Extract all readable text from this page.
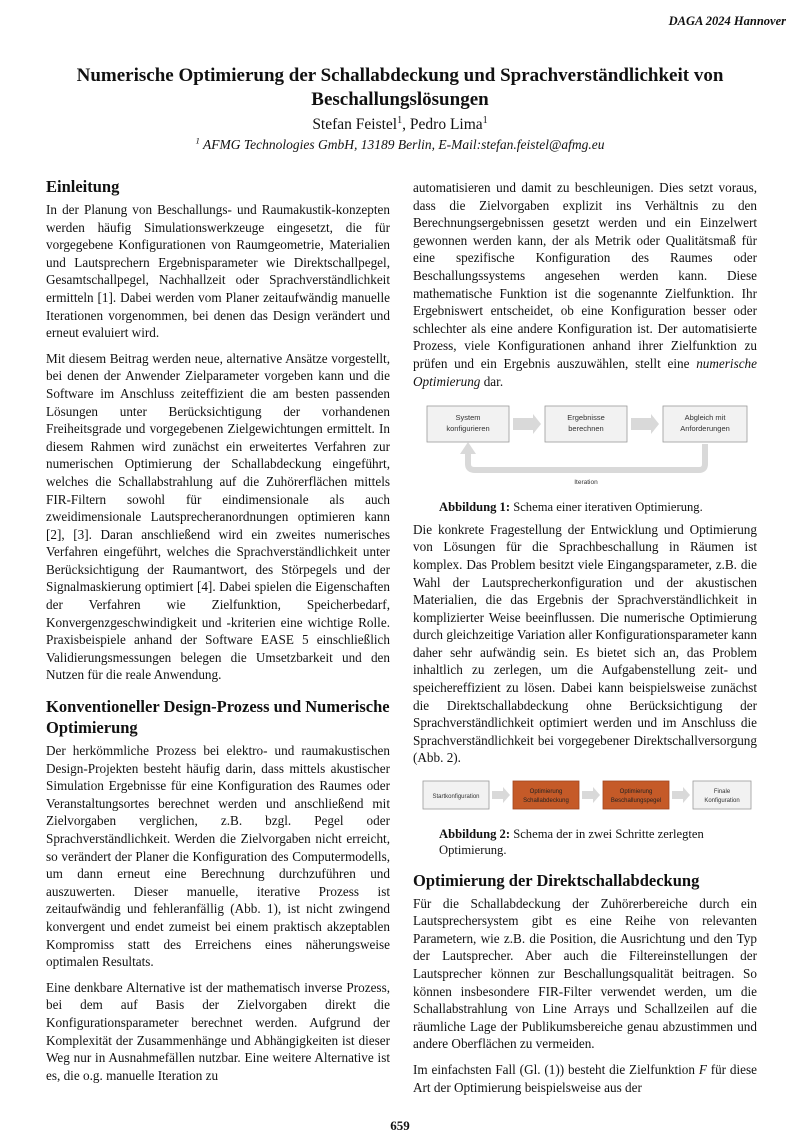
DAGA 2024 Hannover
Numerische Optimierung der Schallabdeckung und Sprachverständlichkeit von Beschallungslösungen
Stefan Feistel$^1$, Pedro Lima$^1$
$^1$ AFMG Technologies GmbH, 13189 Berlin, E-Mail:stefan.feistel@afmg.eu
Einleitung

In der Planung von Beschallungs- und Raumakustik-konzepten werden häufig Simulationswerkzeuge eingesetzt, die für vorgegebene Konfigurationen von Raumgeometrie, Materialien und Lautsprechern Ergebnisparameter wie Direktschallpegel, Gesamtschallpegel, Nachhallzeit oder Sprachverständlichkeit ermitteln [1]. Dabei werden vom Planer zeitaufwändig manuelle Iterationen vorgenommen, bei denen das Design verändert und erneut evaluiert wird.

Mit diesem Beitrag werden neue, alternative Ansätze vorgestellt, bei denen der Anwender Zielparameter vorgeben kann und die Software im Anschluss zeiteffizient die am besten passenden Lösungen unter Berücksichtigung der vorhandenen Freiheitsgrade und vorgegebenen Zielgewichtungen ermittelt. In diesem Rahmen wird zunächst ein erweitertes Verfahren zur numerischen Optimierung der Schallabdeckung eingeführt, welches die Schallabstrahlung auf die Zuhörerflächen mittels FIR-Filtern sowohl für eindimensionale als auch zweidimensionale Lautsprecheranordnungen optimieren kann [2], [3]. Daran anschließend wird ein zweites numerisches Verfahren eingeführt, welches die Sprachverständlichkeit unter Berücksichtigung der Raumantwort, des Störpegels und der Signalmaskierung optimiert [4]. Dabei spielen die Eigenschaften der Verfahren wie Zielfunktion, Speicherbedarf, Konvergenzgeschwindigkeit und -kriterien eine wichtige Rolle. Praxisbeispiele anhand der Software EASE 5 einschließlich Validierungsmessungen belegen die Umsetzbarkeit und den Nutzen für die reale Anwendung.

Konventioneller Design-Prozess und Numerische Optimierung

Der herkömmliche Prozess bei elektro- und raumakustischen Design-Projekten besteht häufig darin, dass mittels akustischer Simulation Ergebnisse für eine Konfiguration des Raumes oder Veranstaltungsortes berechnet werden und anschließend mit Zielvorgaben verglichen, z.B. bzgl. Pegel oder Sprachverständlichkeit. Werden die Zielvorgaben nicht erreicht, so verändert der Planer die Konfiguration des Computermodells, um dann erneut eine Berechnung durchzuführen und auszuwerten. Dieser manuelle, iterative Prozess ist zeitaufwändig und fehleranfällig (Abb. 1), ist nicht zwingend konvergent und endet zumeist bei einem praktisch akzeptablen Kompromiss statt des Erreichens eines näherungsweise optimalen Resultats.

Eine denkbare Alternative ist der mathematisch inverse Prozess, bei dem auf Basis der Zielvorgaben direkt die Konfigurationsparameter berechnet werden. Aufgrund der Komplexität der Zusammenhänge und Abhängigkeiten ist dieser Weg nur in Ausnahmefällen nutzbar. Eine weitere Alternative ist es, die o.g. manuelle Iteration zu

automatisieren und damit zu beschleunigen. Dies setzt voraus, dass die Zielvorgaben explizit ins Verhältnis zu den Berechnungsergebnissen gesetzt werden und ein Einzelwert gewonnen werden kann, der als Metrik oder Qualitätsmaß für eine spezifische Konfiguration des Raumes oder Beschallungssystems angesehen werden kann. Diese mathematische Funktion ist die sogenannte Zielfunktion. Ihr Ergebniswert entscheidet, ob eine Konfiguration besser oder schlechter als eine andere Konfiguration ist. Der automatisierte Prozess, viele Konfigurationen anhand ihrer Zielfunktion zu prüfen und ein Ergebnis auszuwählen, stellt eine numerische Optimierung dar.

System
konfigurieren
Ergebnisse
berechnen
Abgleich mit
Anforderungen
Iteration
Abbildung 1: Schema einer iterativen Optimierung.

Die konkrete Fragestellung der Entwicklung und Optimierung von Lösungen für die Sprachbeschallung in Räumen ist komplex. Das Problem besitzt viele Eingangsparameter, z.B. die Wahl der Lautsprecherkonfiguration und der akustischen Materialien, die das Ergebnis der Sprachverständlichkeit in komplizierter Weise beeinflussen. Die numerische Optimierung durch gleichzeitige Variation aller Konfigurationsparameter kann daher sehr aufwändig sein. Es bietet sich an, das Problem inhaltlich zu zerlegen, um die Aufgabenstellung zeit- und speichereffizient zu lösen. Dabei kann beispielsweise zunächst die Direktschallabdeckung ohne Berücksichtigung der Sprachverständlichkeit optimiert werden und im Anschluss die Sprachverständlichkeit bei vorgegebener Direktschallversorgung (Abb. 2).

Startkonfiguration
Optimierung
Schallabdeckung
Optimierung
Beschallungspegel
Finale
Konfiguration
Abbildung 2: Schema der in zwei Schritte zerlegten Optimierung.
Optimierung der Direktschallabdeckung

Für die Schallabdeckung der Zuhörerbereiche durch ein Lautsprechersystem gibt es eine Reihe von relevanten Parametern, wie z.B. die Position, die Ausrichtung und den Typ der Lautsprecher. Aber auch die Filtereinstellungen der Lautsprecher können zur Beschallungsqualität beitragen. So können insbesondere FIR-Filter verwendet werden, um die Schallabstrahlung von Line Arrays und Schallzeilen auf die räumliche Lage der Publikumsbereiche genau abzustimmen und andere Oberflächen zu vermeiden.

Im einfachsten Fall (Gl. (1)) besteht die Zielfunktion F für diese Art der Optimierung beispielsweise aus der

659
